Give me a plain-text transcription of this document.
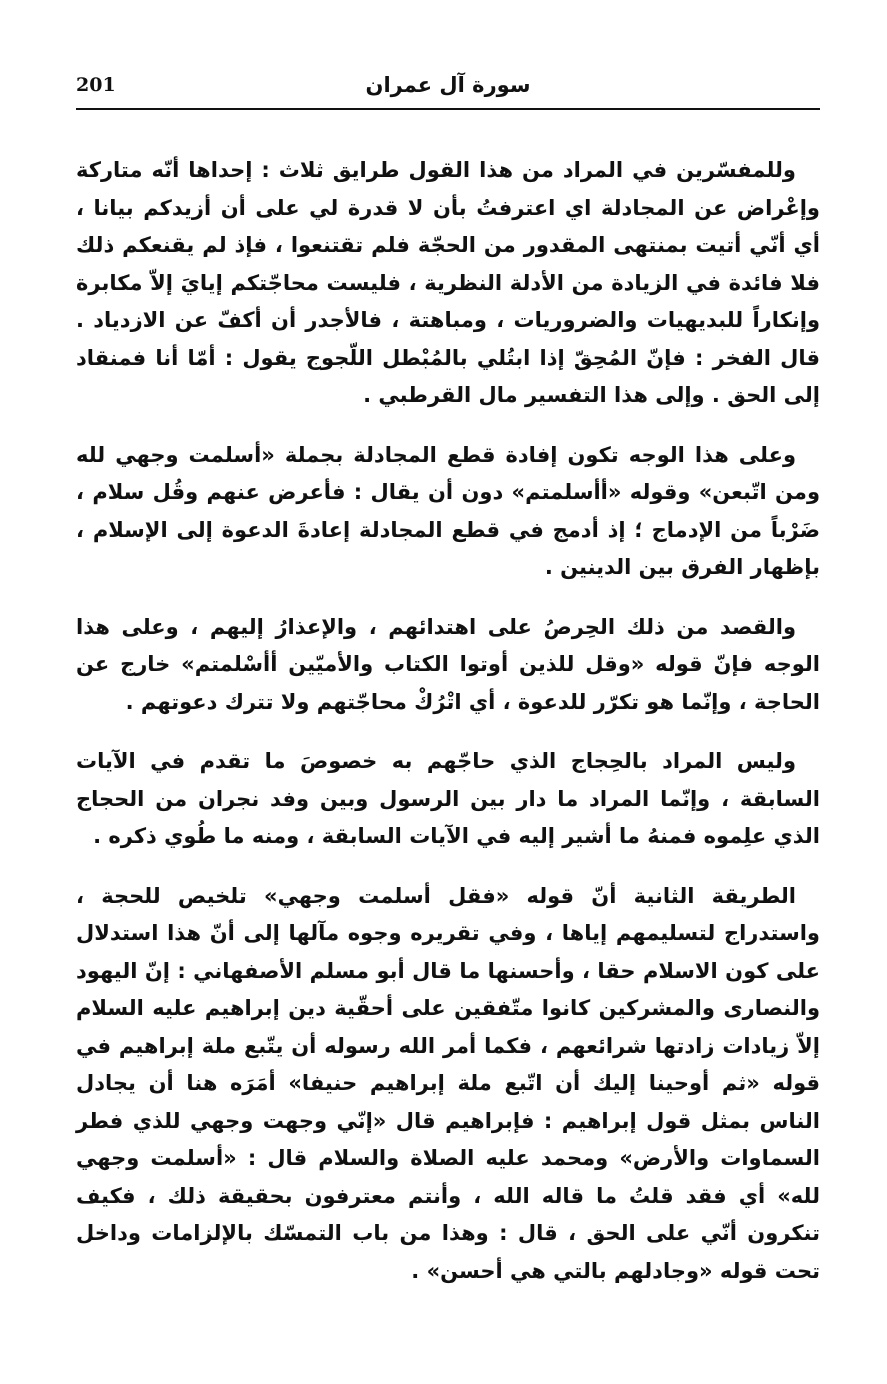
201	سورة آل عمران

وللمفسّرين في المراد من هذا القول طرايق ثلاث : إحداها أنّه متاركة وإعْراض عن المجادلة اي اعترفتُ بأن لا قدرة لي على أن أزيدكم بيانا ، أي أنّي أتيت بمنتهى المقدور من الحجّة فلم تقتنعوا ، فإذ لم يقنعكم ذلك فلا فائدة في الزيادة من الأدلة النظرية ، فليست محاجّتكم إيايَ إلاّ مكابرة وإنكاراً للبديهيات والضروريات ، ومباهتة ، فالأجدر أن أكفّ عن الازدياد . قال الفخر : فإنّ المُحِقّ إذا ابتُلي بالمُبْطل اللّجوج يقول : أمّا أنا فمنقاد إلى الحق . وإلى هذا التفسير مال القرطبي .

وعلى هذا الوجه تكون إفادة قطع المجادلة بجملة «أسلمت وجهي لله ومن اتّبعن» وقوله «أأسلمتم» دون أن يقال : فأعرض عنهم وقُل سلام ، ضَرْباً من الإدماج ؛ إذ أدمج في قطع المجادلة إعادةَ الدعوة إلى الإسلام ، بإظهار الفرق بين الدينين .

والقصد من ذلك الحِرصُ على اهتدائهم ، والإعذارُ إليهم ، وعلى هذا الوجه فإنّ قوله «وقل للذين أوتوا الكتاب والأميّين أأسْلمتم» خارج عن الحاجة ، وإنّما هو تكرّر للدعوة ، أي اتْرُكْ محاجّتهم ولا تترك دعوتهم .

وليس المراد بالحِجاج الذي حاجّهم به خصوصَ ما تقدم في الآيات السابقة ، وإنّما المراد ما دار بين الرسول وبين وفد نجران من الحجاج الذي علِموه فمنهُ ما أشير إليه في الآيات السابقة ، ومنه ما طُوي ذكره .

الطريقة الثانية أنّ قوله «فقل أسلمت وجهي» تلخيص للحجة ، واستدراج لتسليمهم إياها ، وفي تقريره وجوه مآلها إلى أنّ هذا استدلال على كون الاسلام حقا ، وأحسنها ما قال أبو مسلم الأصفهاني : إنّ اليهود والنصارى والمشركين كانوا متّفقين على أحقّية دين إبراهيم عليه السلام إلاّ زيادات زادتها شرائعهم ، فكما أمر الله رسوله أن يتّبع ملة إبراهيم في قوله «ثم أوحينا إليك أن اتّبع ملة إبراهيم حنيفا» أمَرَه هنا أن يجادل الناس بمثل قول إبراهيم : فإبراهيم قال «إنّي وجهت وجهي للذي فطر السماوات والأرض» ومحمد عليه الصلاة والسلام قال : «أسلمت وجهي لله» أي فقد قلتُ ما قاله الله ، وأنتم معترفون بحقيقة ذلك ، فكيف تنكرون أنّي على الحق ، قال : وهذا من باب التمسّك بالإلزامات وداخل تحت قوله «وجادلهم بالتي هي أحسن» .
